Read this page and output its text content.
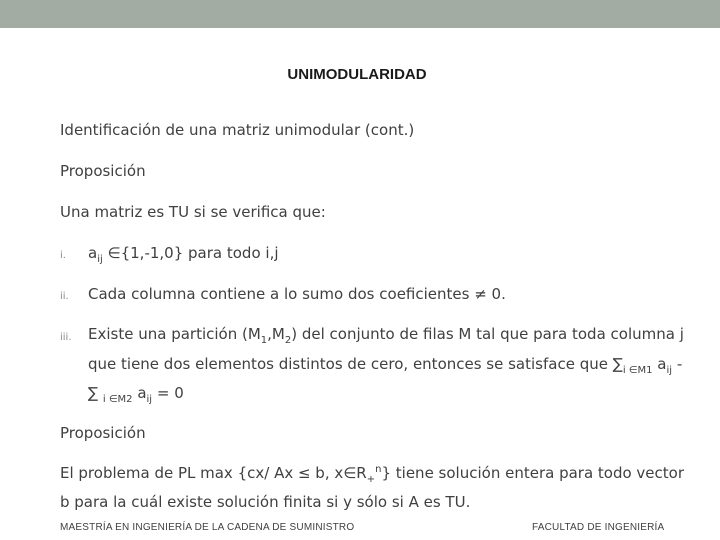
UNIMODULARIDAD
Identificación de una matriz unimodular (cont.)
Proposición
Una matriz es TU si se verifica que:
i. $a_{ij}$ ∈{1,-1,0} para todo i,j
ii. Cada columna contiene a lo sumo dos coeficientes ≠ 0.
iii. Existe una partición $(M_1,M_2)$ del conjunto de filas M tal que para toda columna j
que tiene dos elementos distintos de cero, entonces se satisface que $\sum_{i \in M1}$ $a_{ij}$ -
∑ $_{i \in M2}$ $a_{ij} = 0$
Proposición
El problema de PL max {cx/ Ax ≤ b, $x\in R_+^n$} tiene solución entera para todo vector
b para la cuál existe solución finita si y sólo si A es TU.
MAESTRÍA EN INGENIERÍA DE LA CADENA DE SUMINISTRO	FACULTAD DE INGENIERÍA
